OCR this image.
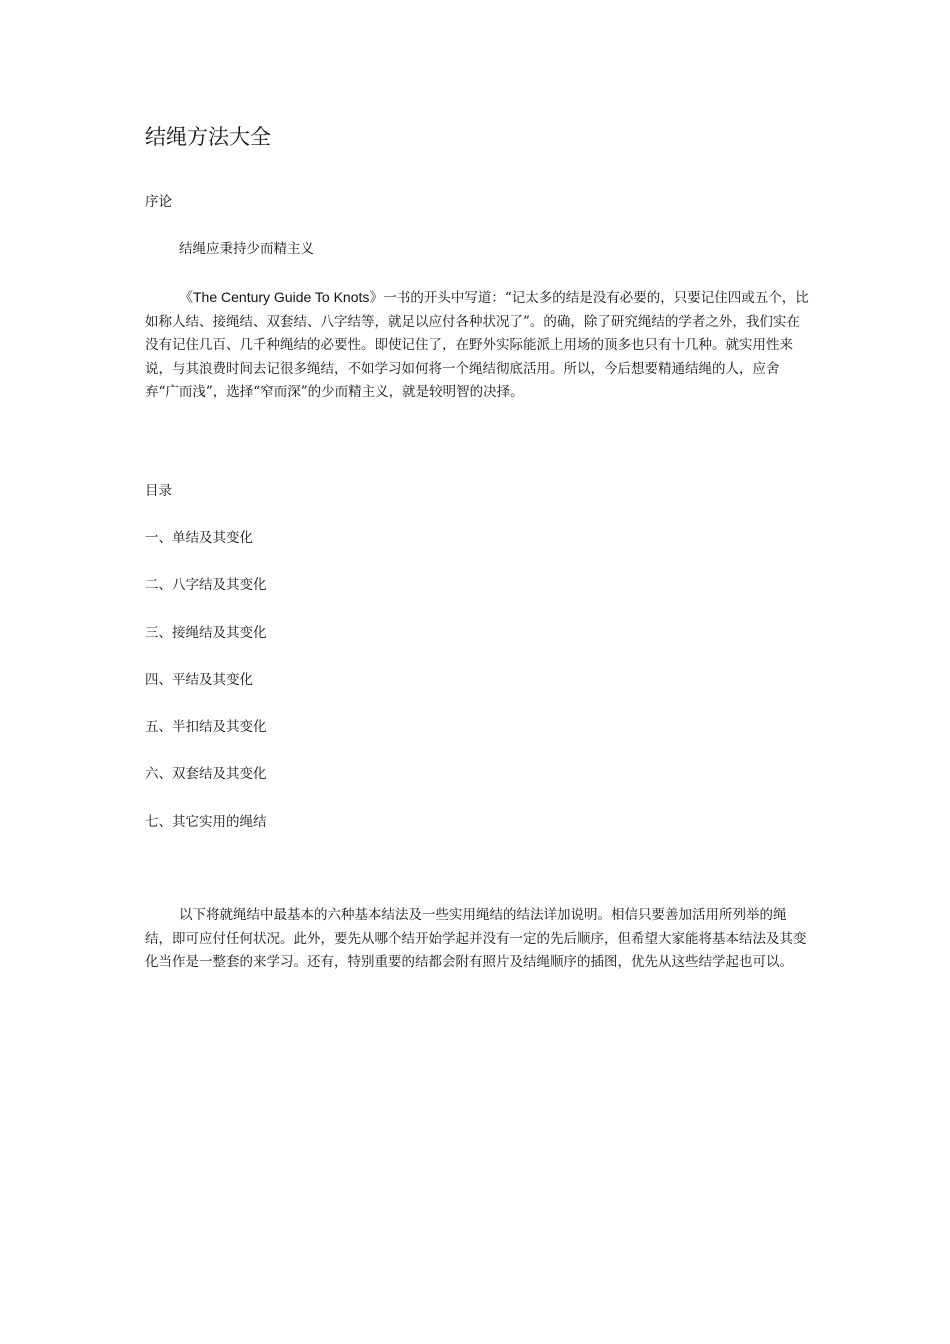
结绳方法大全
序论
结绳应秉持少而精主义

《The Century Guide To Knots》一书的开头中写道：“记太多的结是没有必要的，只要记住四或五个，比如称人结、接绳结、双套结、八字结等，就足以应付各种状况了”。的确，除了研究绳结的学者之外，我们实在没有记住几百、几千种绳结的必要性。即使记住了，在野外实际能派上用场的顶多也只有十几种。就实用性来说，与其浪费时间去记很多绳结，不如学习如何将一个绳结彻底活用。所以，今后想要精通结绳的人，应舍弃“广而浅”，选择“窄而深”的少而精主义，就是较明智的决择。

目录
一、单结及其变化
二、八字结及其变化
三、接绳结及其变化
四、平结及其变化
五、半扣结及其变化
六、双套结及其变化
七、其它实用的绳结

以下将就绳结中最基本的六种基本结法及一些实用绳结的结法详加说明。相信只要善加活用所列举的绳结，即可应付任何状况。此外，要先从哪个结开始学起并没有一定的先后顺序，但希望大家能将基本结法及其变化当作是一整套的来学习。还有，特别重要的结都会附有照片及结绳顺序的插图，优先从这些结学起也可以。
